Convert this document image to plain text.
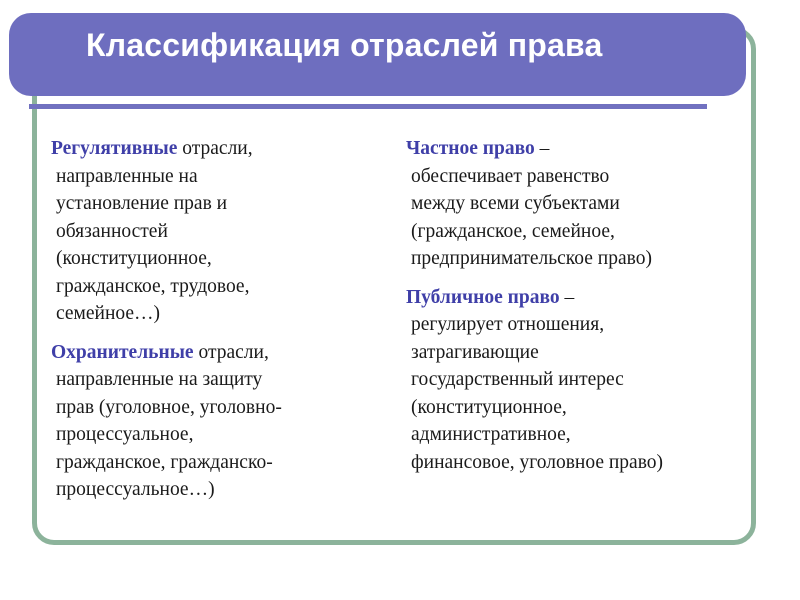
Классификация отраслей права

Регулятивные отрасли,
направленные на
установление прав и
обязанностей
(конституционное,
гражданское, трудовое,
семейное…)

Охранительные отрасли,
направленные на защиту
прав (уголовное, уголовно-
процессуальное,
гражданское, гражданско-
процессуальное…)

Частное право –
обеспечивает равенство
между всеми субъектами
(гражданское, семейное,
предпринимательское право)

Публичное право –
регулирует отношения,
затрагивающие
государственный интерес
(конституционное,
административное,
финансовое, уголовное право)
